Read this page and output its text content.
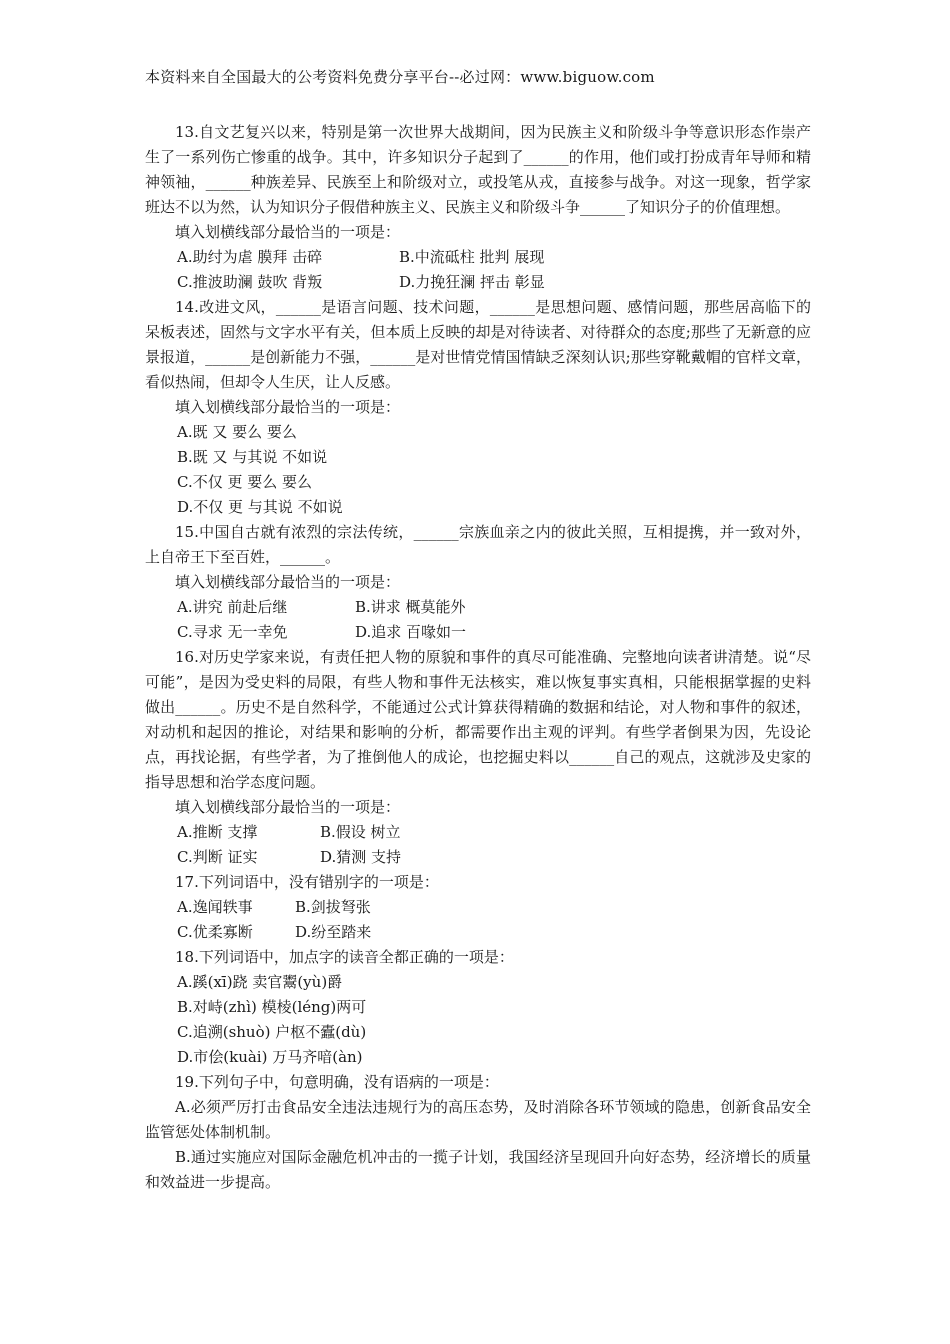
本资料来自全国最大的公考资料免费分享平台--必过网：www.biguow.com

13.自文艺复兴以来，特别是第一次世界大战期间，因为民族主义和阶级斗争等意识形态作崇产生了一系列伤亡惨重的战争。其中，许多知识分子起到了______的作用，他们或打扮成青年导师和精神领袖，______种族差异、民族至上和阶级对立，或投笔从戎，直接参与战争。对这一现象，哲学家班达不以为然，认为知识分子假借种族主义、民族主义和阶级斗争______了知识分子的价值理想。

填入划横线部分最恰当的一项是：

A.助纣为虐 膜拜 击碎	B.中流砥柱 批判 展现
C.推波助澜 鼓吹 背叛	D.力挽狂澜 抨击 彰显

14.改进文风，______是语言问题、技术问题，______是思想问题、感情问题，那些居高临下的呆板表述，固然与文字水平有关，但本质上反映的却是对待读者、对待群众的态度;那些了无新意的应景报道，______是创新能力不强，______是对世情党情国情缺乏深刻认识;那些穿靴戴帽的官样文章，看似热闹，但却令人生厌，让人反感。

填入划横线部分最恰当的一项是：

A.既 又 要么 要么
B.既 又 与其说 不如说
C.不仅 更 要么 要么
D.不仅 更 与其说 不如说

15.中国自古就有浓烈的宗法传统，______宗族血亲之内的彼此关照，互相提携，并一致对外，上自帝王下至百姓，______。

填入划横线部分最恰当的一项是：

A.讲究 前赴后继	B.讲求 概莫能外
C.寻求 无一幸免	D.追求 百喙如一

16.对历史学家来说，有责任把人物的原貌和事件的真尽可能准确、完整地向读者讲清楚。说“尽可能”，是因为受史料的局限，有些人物和事件无法核实，难以恢复事实真相，只能根据掌握的史料做出______。历史不是自然科学，不能通过公式计算获得精确的数据和结论，对人物和事件的叙述，对动机和起因的推论，对结果和影响的分析，都需要作出主观的评判。有些学者倒果为因，先设论点，再找论据，有些学者，为了推倒他人的成论，也挖掘史料以______自己的观点，这就涉及史家的指导思想和治学态度问题。

填入划横线部分最恰当的一项是：

A.推断 支撑	B.假设 树立
C.判断 证实	D.猜测 支持

17.下列词语中，没有错别字的一项是：

A.逸闻轶事	B.剑拔弩张
C.优柔寡断	D.纷至踏来

18.下列词语中，加点字的读音全都正确的一项是：

A.蹊(xī)跷 卖官鬻(yù)爵
B.对峙(zhì) 模棱(léng)两可
C.追溯(shuò) 户枢不蠹(dù)
D.市侩(kuài) 万马齐喑(àn)

19.下列句子中，句意明确，没有语病的一项是：

A.必须严厉打击食品安全违法违规行为的高压态势，及时消除各环节领域的隐患，创新食品安全监管惩处体制机制。

B.通过实施应对国际金融危机冲击的一揽子计划，我国经济呈现回升向好态势，经济增长的质量和效益进一步提高。
